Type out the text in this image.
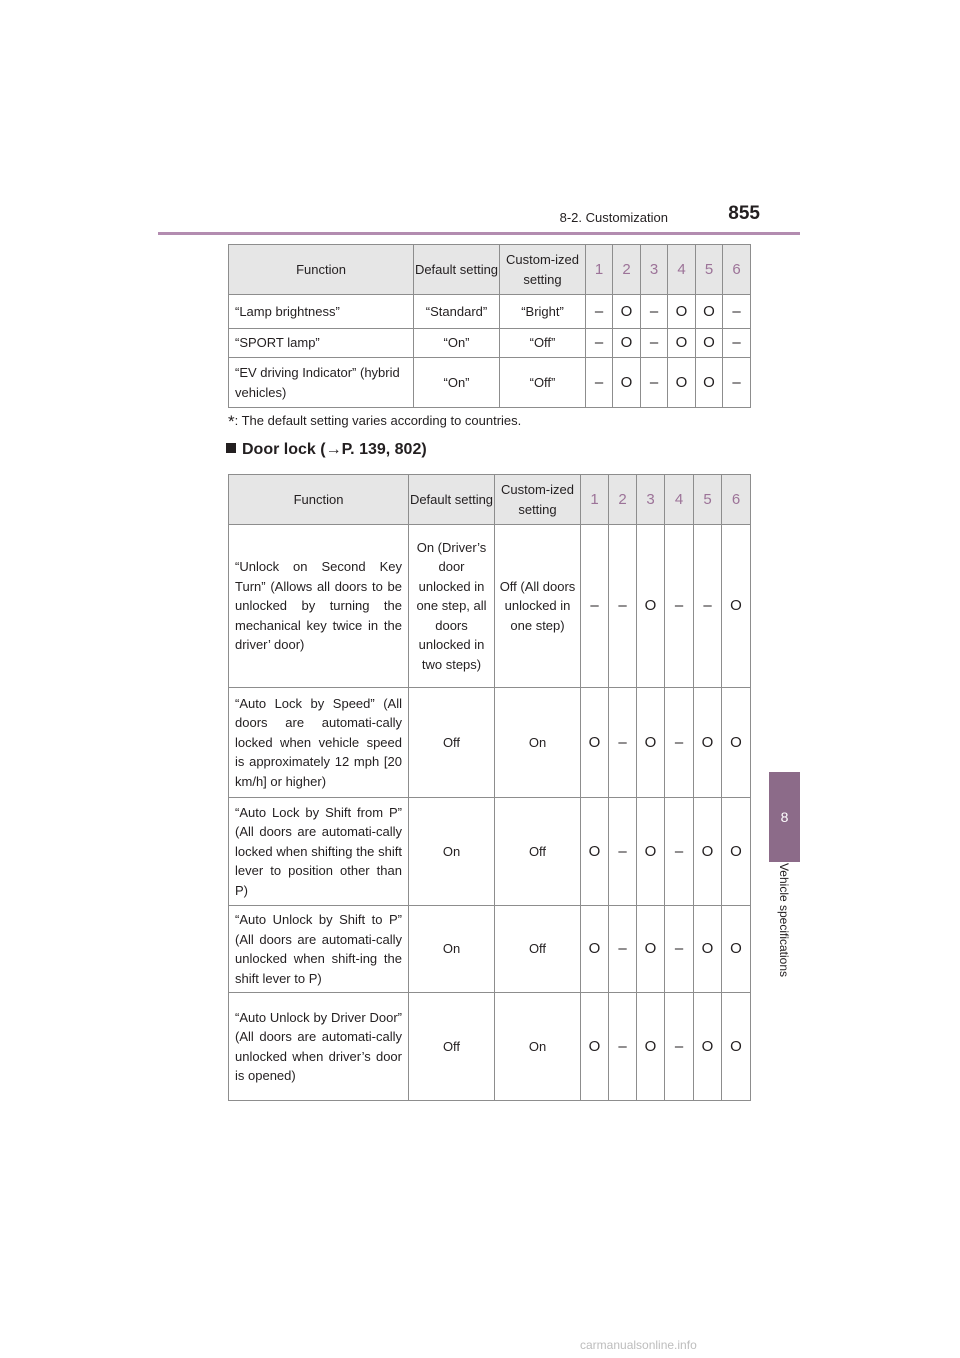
8-2. Customization	855
8
Vehicle specifications
Function	Default setting	Custom-ized setting	1	2	3	4	5	6
“Lamp brightness”	“Standard”	“Bright”	–	O	–	O	O	–
“SPORT lamp”	“On”	“Off”	–	O	–	O	O	–
“EV driving Indicator” (hybrid vehicles)	“On”	“Off”	–	O	–	O	O	–
*: The default setting varies according to countries.
Door lock (→P. 139, 802)
Function	Default setting	Custom-ized setting	1	2	3	4	5	6
“Unlock on Second Key Turn” (Allows all doors to be unlocked by turning the mechanical key twice in the driver’ door)	On (Driver’s door unlocked in one step, all doors unlocked in two steps)	Off (All doors unlocked in one step)	–	–	O	–	–	O
“Auto Lock by Speed” (All doors are automati-cally locked when vehicle speed is approximately 12 mph [20 km/h] or higher)	Off	On	O	–	O	–	O	O
“Auto Lock by Shift from P” (All doors are automati-cally locked when shifting the shift lever to position other than P)	On	Off	O	–	O	–	O	O
“Auto Unlock by Shift to P” (All doors are automati-cally unlocked when shift-ing the shift lever to P)	On	Off	O	–	O	–	O	O
“Auto Unlock by Driver Door” (All doors are automati-cally unlocked when driver’s door is opened)	Off	On	O	–	O	–	O	O
carmanualsonline.info
